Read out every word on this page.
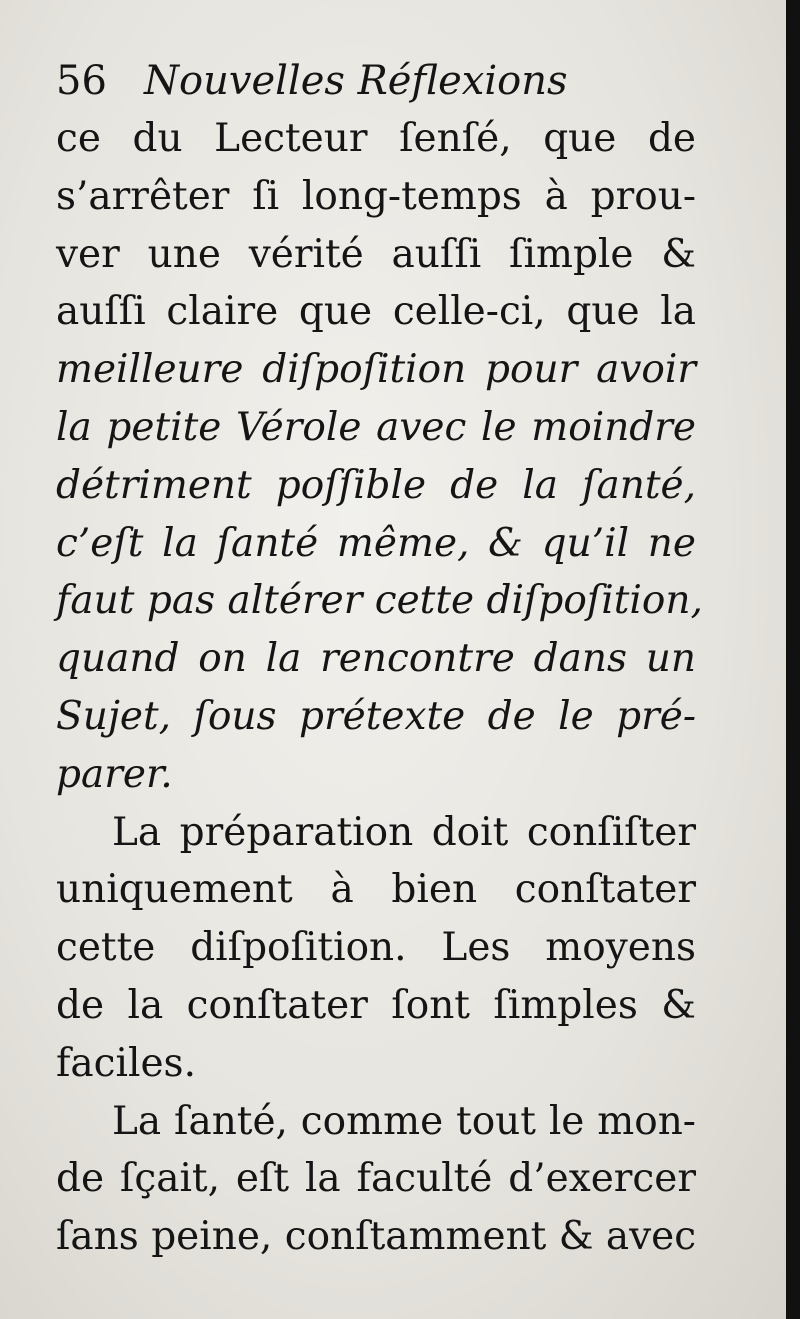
56 Nouvelles Réflexions
ce du Lecteur ſenſé, que de
s’arrêter ſi long-temps à prou-
ver une vérité auſſi ſimple &
auſſi claire que celle-ci, que la
meilleure diſpoſition pour avoir
la petite Vérole avec le moindre
détriment poſſible de la ſanté,
c’eſt la ſanté même, & qu’il ne
faut pas altérer cette diſpoſition,
quand on la rencontre dans un
Sujet, ſous prétexte de le pré-
parer.
La préparation doit conſiſter
uniquement à bien conſtater
cette diſpoſition. Les moyens
de la conſtater ſont ſimples &
faciles.
La ſanté, comme tout le mon-
de ſçait, eſt la faculté d’exercer
ſans peine, conſtamment & avec
